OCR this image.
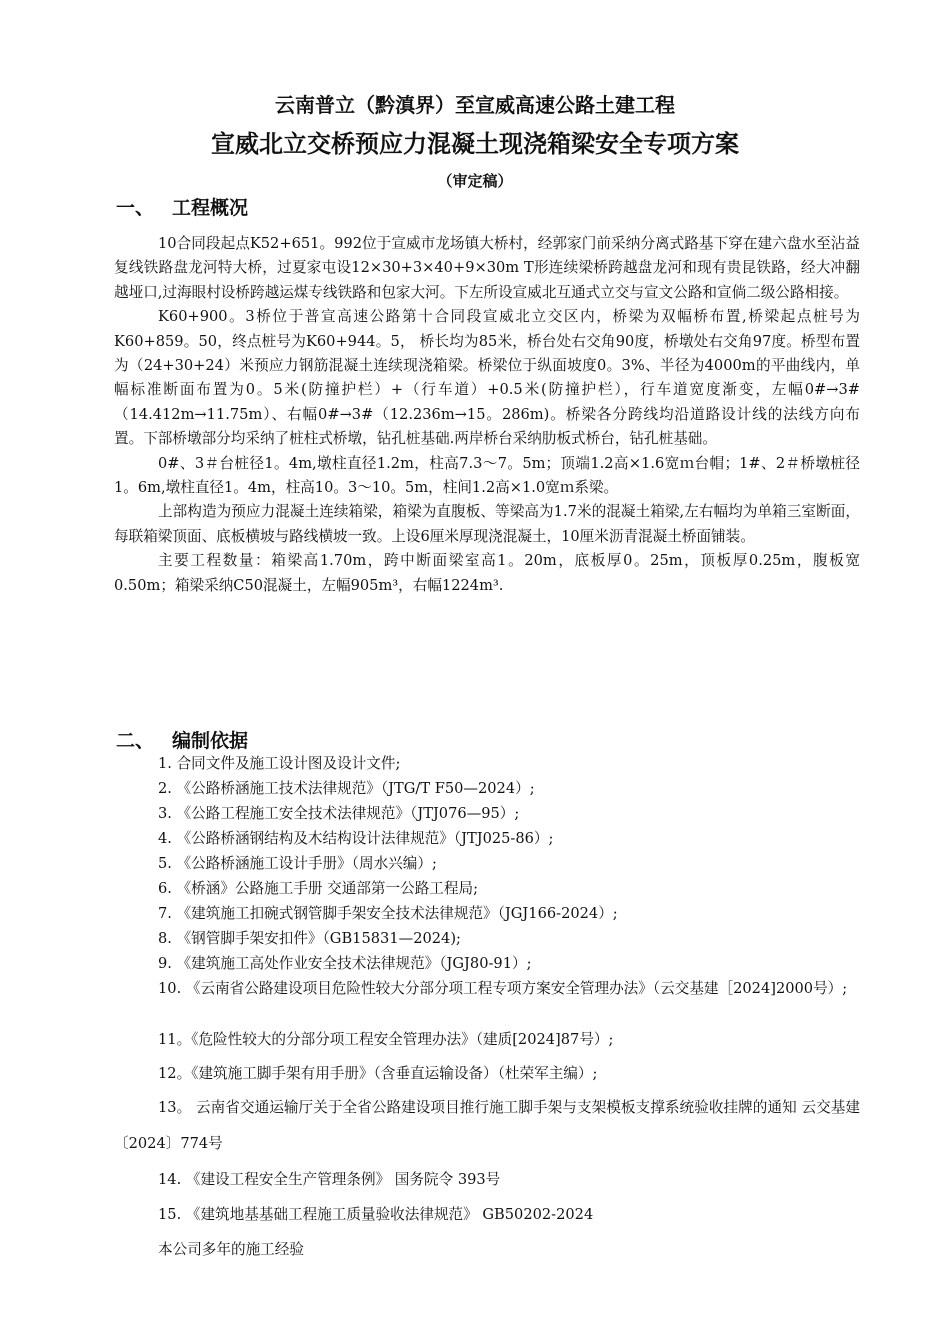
云南普立（黔滇界）至宣威高速公路土建工程
宣威北立交桥预应力混凝土现浇箱梁安全专项方案
（审定稿）
一、 工程概况

10合同段起点K52+651。992位于宣威市龙场镇大桥村，经郭家门前采纳分离式路基下穿在建六盘水至沾益复线铁路盘龙河特大桥，过夏家屯设12×30+3×40+9×30m T形连续梁桥跨越盘龙河和现有贵昆铁路，经大冲翻越垭口,过海眼村设桥跨越运煤专线铁路和包家大河。下左所设宣威北互通式立交与宣文公路和宣倘二级公路相接。

K60+900。3桥位于普宣高速公路第十合同段宣威北立交区内，桥梁为双幅桥布置,桥梁起点桩号为K60+859。50，终点桩号为K60+944。5， 桥长均为85米，桥台处右交角90度，桥墩处右交角97度。桥型布置为（24+30+24）米预应力钢筋混凝土连续现浇箱梁。桥梁位于纵面坡度0。3%、半径为4000m的平曲线内，单幅标准断面布置为0。5米(防撞护栏）+（行车道）+0.5米(防撞护栏），行车道宽度渐变，左幅0#→3#（14.412m→11.75m）、右幅0#→3#（12.236m→15。286m)。桥梁各分跨线均沿道路设计线的法线方向布置。下部桥墩部分均采纳了桩柱式桥墩，钻孔桩基础.两岸桥台采纳肋板式桥台，钻孔桩基础。

0#、3＃台桩径1。4m,墩柱直径1.2m，柱高7.3～7。5m；顶端1.2高×1.6宽ｍ台帽；1#、2＃桥墩桩径1。6m,墩柱直径1。4m，柱高10。3～10。5m，柱间1.2高×1.0宽ｍ系梁。

上部构造为预应力混凝土连续箱梁，箱梁为直腹板、等梁高为1.7米的混凝土箱梁,左右幅均为单箱三室断面，每联箱梁顶面、底板横坡与路线横坡一致。上设6厘米厚现浇混凝土，10厘米沥青混凝土桥面铺装。

主要工程数量：箱梁高1.70m，跨中断面梁室高1。20m，底板厚0。25m，顶板厚0.25m，腹板宽0.50m；箱梁采纳C50混凝土，左幅905m³，右幅1224m³.

二、 编制依据
1. 合同文件及施工设计图及设计文件;
2. 《公路桥涵施工技术法律规范》（JTG/T F50—2024）;
3. 《公路工程施工安全技术法律规范》（JTJ076—95）;
4. 《公路桥涵钢结构及木结构设计法律规范》（JTJ025-86）;
5. 《公路桥涵施工设计手册》（周水兴编）;
6. 《桥涵》公路施工手册 交通部第一公路工程局;
7. 《建筑施工扣碗式钢管脚手架安全技术法律规范》（JGJ166-2024）;
8. 《钢管脚手架安扣件》（GB15831—2024);
9. 《建筑施工高处作业安全技术法律规范》（JGJ80-91）;
10. 《云南省公路建设项目危险性较大分部分项工程专项方案安全管理办法》（云交基建［2024]2000号）;
11。《危险性较大的分部分项工程安全管理办法》（建质[2024]87号）;
12。《建筑施工脚手架有用手册》（含垂直运输设备）（杜荣军主编）;
13。 云南省交通运输厅关于全省公路建设项目推行施工脚手架与支架模板支撑系统验收挂牌的通知 云交基建〔2024〕774号
14. 《建设工程安全生产管理条例》 国务院令 393号
15. 《建筑地基基础工程施工质量验收法律规范》 GB50202-2024
本公司多年的施工经验
